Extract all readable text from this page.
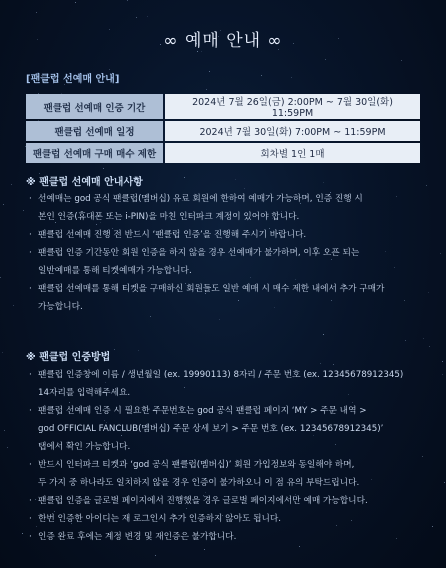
∞ 예매 안내 ∞
[팬클럽 선예매 안내]
팬클럽 선예매 인증 기간	2024년 7월 26일(금) 2:00PM ~ 7월 30일(화) 11:59PM
팬클럽 선예매 일정	2024년 7월 30일(화) 7:00PM ~ 11:59PM
팬클럽 선예매 구매 매수 제한	회차별 1인 1매
※ 팬클럽 선예매 안내사항
· 선예매는 god 공식 팬클럽(멤버십) 유료 회원에 한하여 예매가 가능하며, 인증 진행 시
본인 인증(휴대폰 또는 i-PIN)을 마친 인터파크 계정이 있어야 합니다.
· 팬클럽 선예매 진행 전 반드시 ‘팬클럽 인증’을 진행해 주시기 바랍니다.
· 팬클럽 인증 기간동안 회원 인증을 하지 않을 경우 선예매가 불가하며, 이후 오픈 되는
일반예매를 통해 티켓예매가 가능합니다.
· 팬클럽 선예매를 통해 티켓을 구매하신 회원들도 일반 예매 시 매수 제한 내에서 추가 구매가
가능합니다.
※ 팬클럽 인증방법
· 팬클럽 인증창에 이름 / 생년월일 (ex. 19990113) 8자리 / 주문 번호 (ex. 12345678912345)
14자리를 입력해주세요.
· 팬클럽 선예매 인증 시 필요한 주문번호는 god 공식 팬클럽 페이지 ‘MY > 주문 내역 >
god OFFICIAL FANCLUB(멤버십) 주문 상세 보기 > 주문 번호 (ex. 12345678912345)’
탭에서 확인 가능합니다.
· 반드시 인터파크 티켓과 ‘god 공식 팬클럽(멤버십)’ 회원 가입정보와 동일해야 하며,
두 가지 중 하나라도 일치하지 않을 경우 인증이 불가하오니 이 점 유의 부탁드립니다.
· 팬클럽 인증을 글로벌 페이지에서 진행했을 경우 글로벌 페이지에서만 예매 가능합니다.
· 한번 인증한 아이디는 재 로그인시 추가 인증하지 않아도 됩니다.
· 인증 완료 후에는 계정 변경 및 재인증은 불가합니다.
